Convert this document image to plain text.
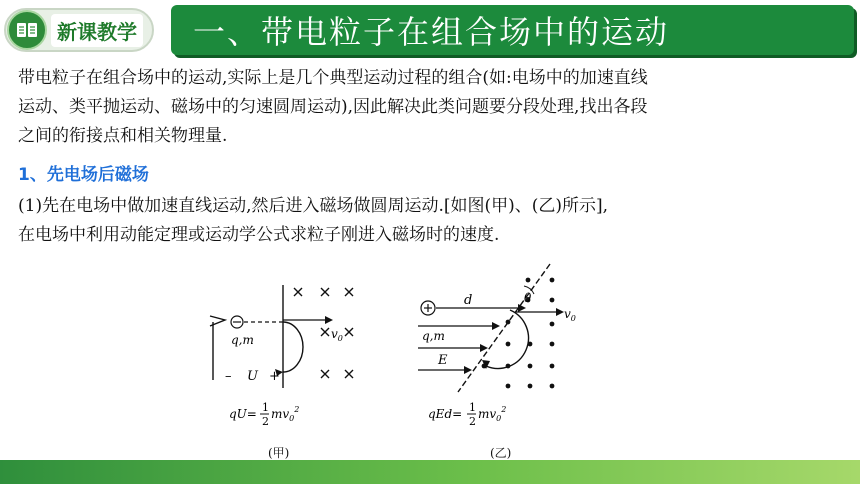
新课教学 一、带电粒子在组合场中的运动
带电粒子在组合场中的运动,实际上是几个典型运动过程的组合(如:电场中的加速直线
运动、类平抛运动、磁场中的匀速圆周运动),因此解决此类问题要分段处理,找出各段
之间的衔接点和相关物理量.
1、先电场后磁场
(1)先在电场中做加速直线运动,然后进入磁场做圆周运动.[如图(甲)、(乙)所示],
在电场中利用动能定理或运动学公式求粒子刚进入磁场时的速度.
q,m
– U +
$v_0$
qU= 1
2
$mv_0^2$
(甲)
d	θ
$v_0$
q,m
E
qEd= 1
2
$mv_0^2$
(乙)
